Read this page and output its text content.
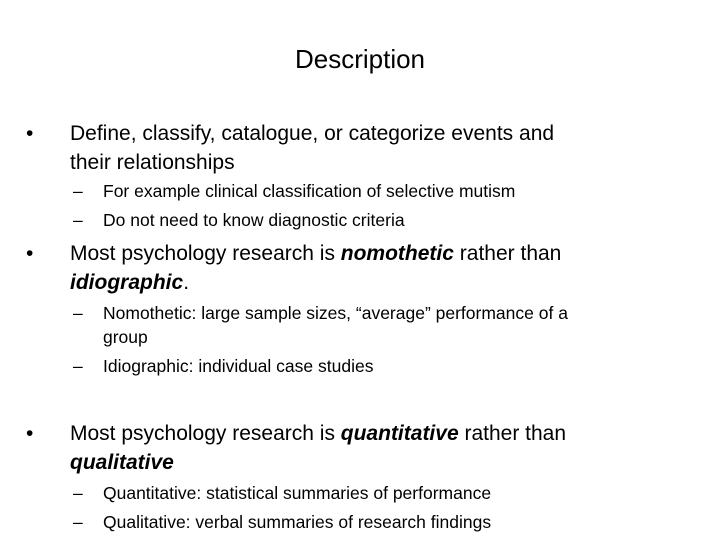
Description
• Define, classify, catalogue, or categorize events and
their relationships
– For example clinical classification of selective mutism
– Do not need to know diagnostic criteria
• Most psychology research is nomothetic rather than
idiographic.
– Nomothetic: large sample sizes, “average” performance of a
group
– Idiographic: individual case studies
• Most psychology research is quantitative rather than
qualitative
– Quantitative: statistical summaries of performance
– Qualitative: verbal summaries of research findings
